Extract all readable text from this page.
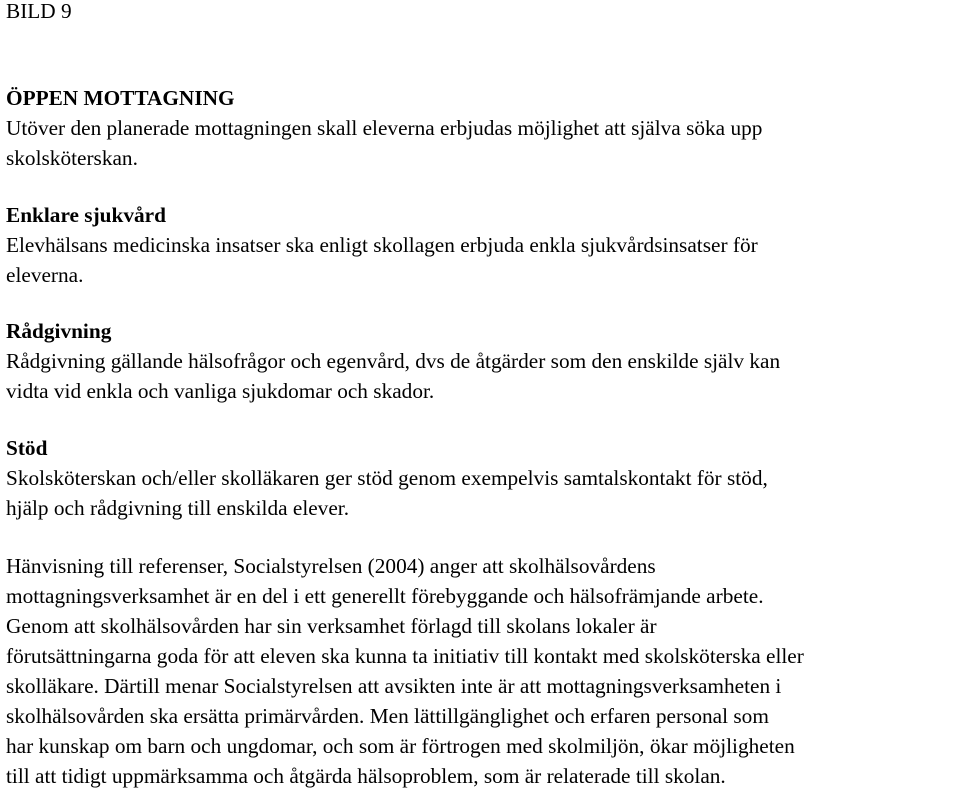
BILD 9
ÖPPEN MOTTAGNING
Utöver den planerade mottagningen skall eleverna erbjudas möjlighet att själva söka upp
skolsköterskan.
Enklare sjukvård
Elevhälsans medicinska insatser ska enligt skollagen erbjuda enkla sjukvårdsinsatser för
eleverna.
Rådgivning
Rådgivning gällande hälsofrågor och egenvård, dvs de åtgärder som den enskilde själv kan
vidta vid enkla och vanliga sjukdomar och skador.
Stöd
Skolsköterskan och/eller skolläkaren ger stöd genom exempelvis samtalskontakt för stöd,
hjälp och rådgivning till enskilda elever.
Hänvisning till referenser, Socialstyrelsen (2004) anger att skolhälsovårdens
mottagningsverksamhet är en del i ett generellt förebyggande och hälsofrämjande arbete.
Genom att skolhälsovården har sin verksamhet förlagd till skolans lokaler är
förutsättningarna goda för att eleven ska kunna ta initiativ till kontakt med skolsköterska eller
skolläkare. Därtill menar Socialstyrelsen att avsikten inte är att mottagningsverksamheten i
skolhälsovården ska ersätta primärvården. Men lättillgänglighet och erfaren personal som
har kunskap om barn och ungdomar, och som är förtrogen med skolmiljön, ökar möjligheten
till att tidigt uppmärksamma och åtgärda hälsoproblem, som är relaterade till skolan.
